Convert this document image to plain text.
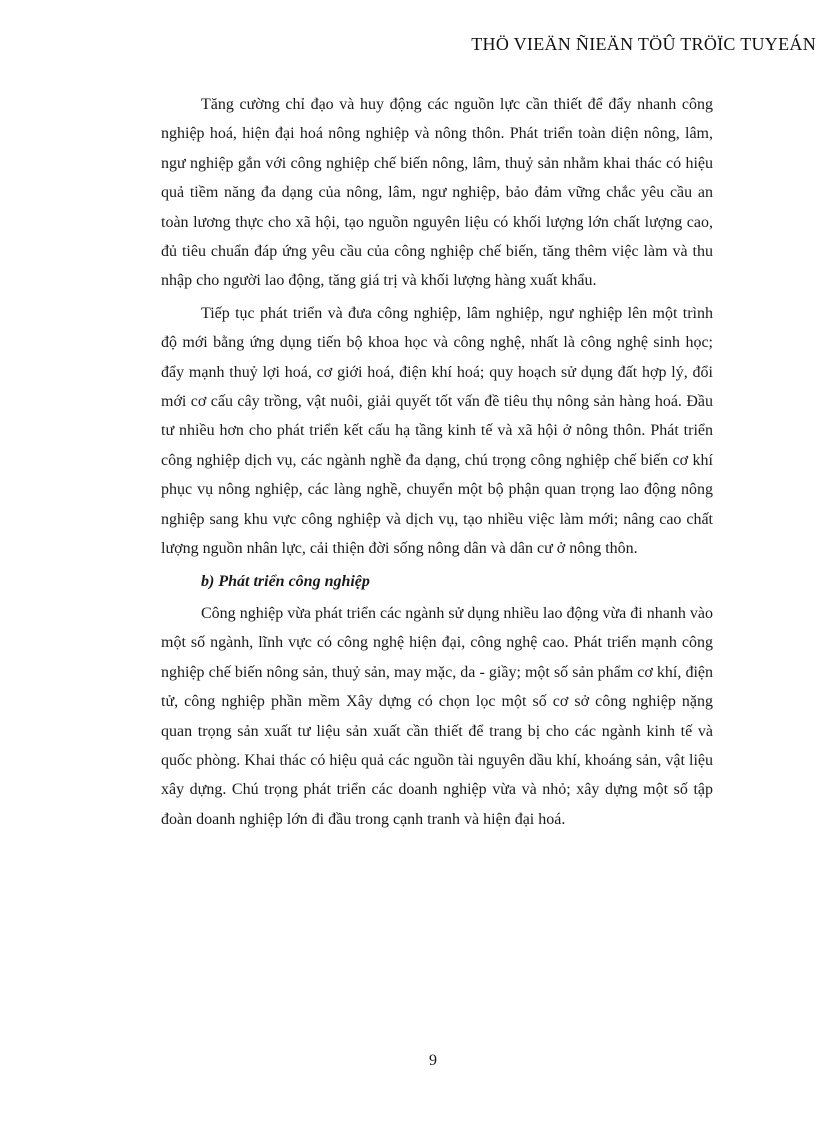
THÖ VIEÄN ÑIEÄN TÖÛ TRÖÏC TUYEÁN

Tăng cường chỉ đạo và huy động các nguồn lực cần thiết để đẩy nhanh công nghiệp hoá, hiện đại hoá nông nghiệp và nông thôn. Phát triển toàn diện nông, lâm, ngư nghiệp gắn với công nghiệp chế biến nông, lâm, thuỷ sản nhằm khai thác có hiệu quả tiềm năng đa dạng của nông, lâm, ngư nghiệp, bảo đảm vững chắc yêu cầu an toàn lương thực cho xã hội, tạo nguồn nguyên liệu có khối lượng lớn chất lượng cao, đủ tiêu chuẩn đáp ứng yêu cầu của công nghiệp chế biến, tăng thêm việc làm và thu nhập cho người lao động, tăng giá trị và khối lượng hàng xuất khẩu.

Tiếp tục phát triển và đưa công nghiệp, lâm nghiệp, ngư nghiệp lên một trình độ mới bằng ứng dụng tiến bộ khoa học và công nghệ, nhất là công nghệ sinh học; đẩy mạnh thuỷ lợi hoá, cơ giới hoá, điện khí hoá; quy hoạch sử dụng đất hợp lý, đổi mới cơ cấu cây trồng, vật nuôi, giải quyết tốt vấn đề tiêu thụ nông sản hàng hoá. Đầu tư nhiều hơn cho phát triển kết cấu hạ tầng kinh tế và xã hội ở nông thôn. Phát triển công nghiệp dịch vụ, các ngành nghề đa dạng, chú trọng công nghiệp chế biến cơ khí phục vụ nông nghiệp, các làng nghề, chuyển một bộ phận quan trọng lao động nông nghiệp sang khu vực công nghiệp và dịch vụ, tạo nhiều việc làm mới; nâng cao chất lượng nguồn nhân lực, cải thiện đời sống nông dân và dân cư ở nông thôn.

b) Phát triển công nghiệp

Công nghiệp vừa phát triển các ngành sử dụng nhiều lao động vừa đi nhanh vào một số ngành, lĩnh vực có công nghệ hiện đại, công nghệ cao. Phát triển mạnh công nghiệp chế biến nông sản, thuỷ sản, may mặc, da - giầy; một số sản phẩm cơ khí, điện tử, công nghiệp phần mềm Xây dựng có chọn lọc một số cơ sở công nghiệp nặng quan trọng sản xuất tư liệu sản xuất cần thiết để trang bị cho các ngành kinh tế và quốc phòng. Khai thác có hiệu quả các nguồn tài nguyên dầu khí, khoáng sản, vật liệu xây dựng. Chú trọng phát triển các doanh nghiệp vừa và nhỏ; xây dựng một số tập đoàn doanh nghiệp lớn đi đầu trong cạnh tranh và hiện đại hoá.

9
